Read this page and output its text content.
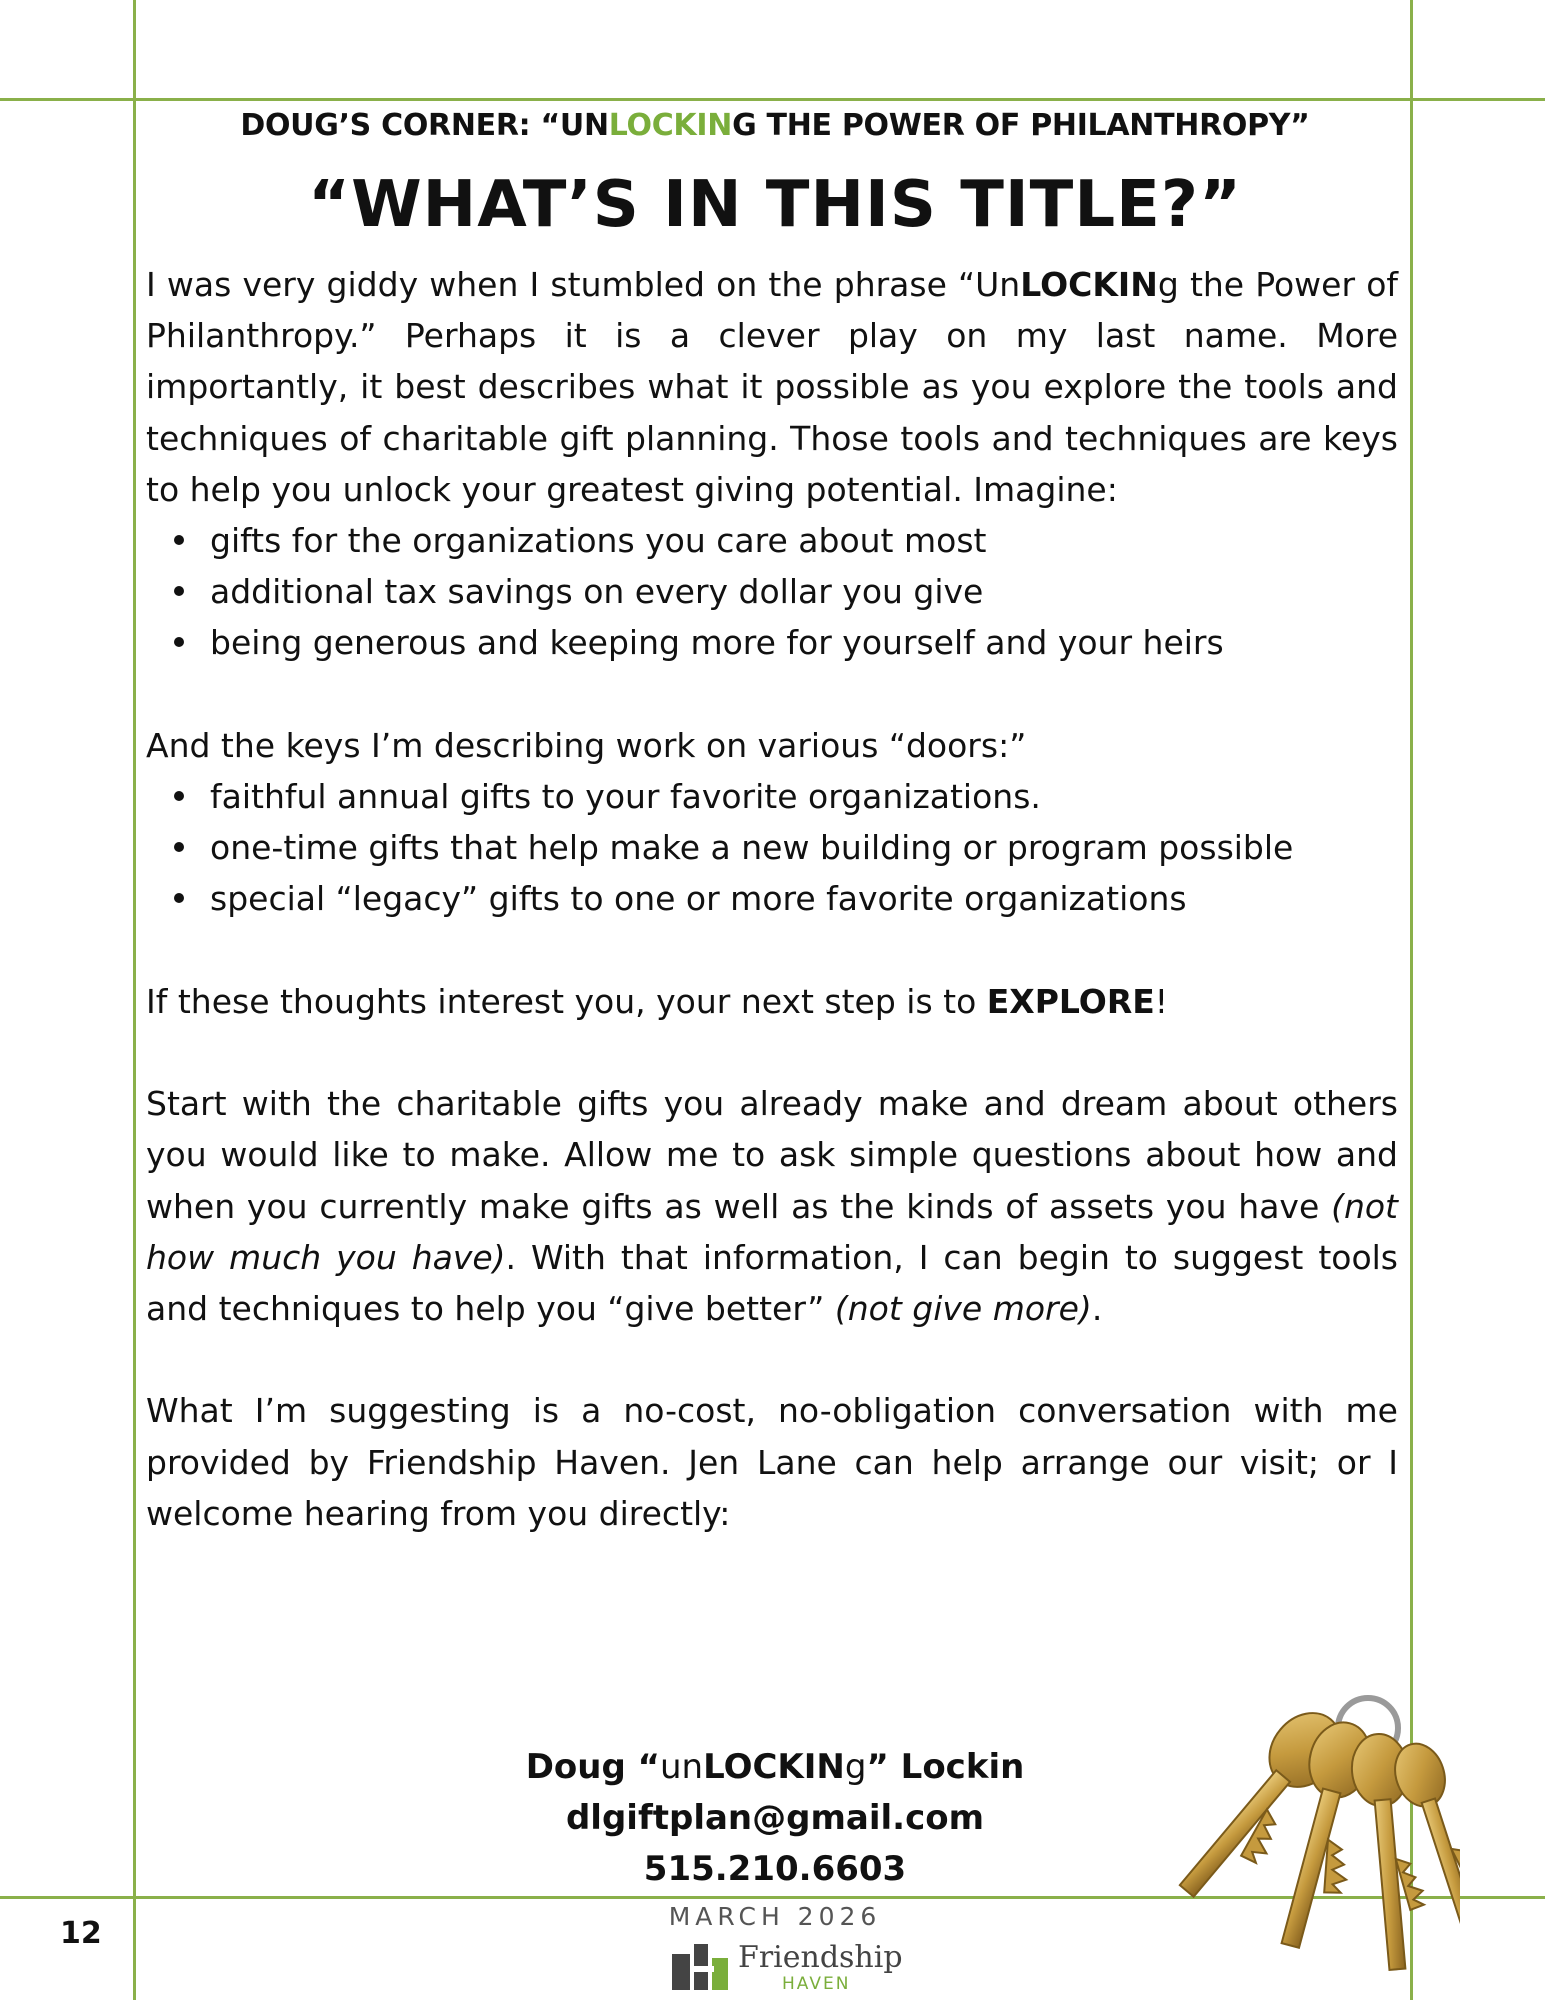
DOUG’S CORNER: “UNLOCKING THE POWER OF PHILANTHROPY”
“WHAT’S IN THIS TITLE?”

I was very giddy when I stumbled on the phrase “UnLOCKINg the Power of Philanthropy.” Perhaps it is a clever play on my last name. More importantly, it best describes what it possible as you explore the tools and techniques of charitable gift planning. Those tools and techniques are keys to help you unlock your greatest giving potential. Imagine:

gifts for the organizations you care about most
additional tax savings on every dollar you give
being generous and keeping more for yourself and your heirs

And the keys I’m describing work on various “doors:”

faithful annual gifts to your favorite organizations.
one-time gifts that help make a new building or program possible
special “legacy” gifts to one or more favorite organizations

If these thoughts interest you, your next step is to EXPLORE!

Start with the charitable gifts you already make and dream about others you would like to make. Allow me to ask simple questions about how and when you currently make gifts as well as the kinds of assets you have (not how much you have). With that information, I can begin to suggest tools and techniques to help you “give better” (not give more).

What I’m suggesting is a no-cost, no-obligation conversation with me provided by Friendship Haven. Jen Lane can help arrange our visit; or I welcome hearing from you directly:

Doug “unLOCKINg” Lockin
dlgiftplan@gmail.com
515.210.6603
12	MARCH 2026
Friendship
HAVEN
